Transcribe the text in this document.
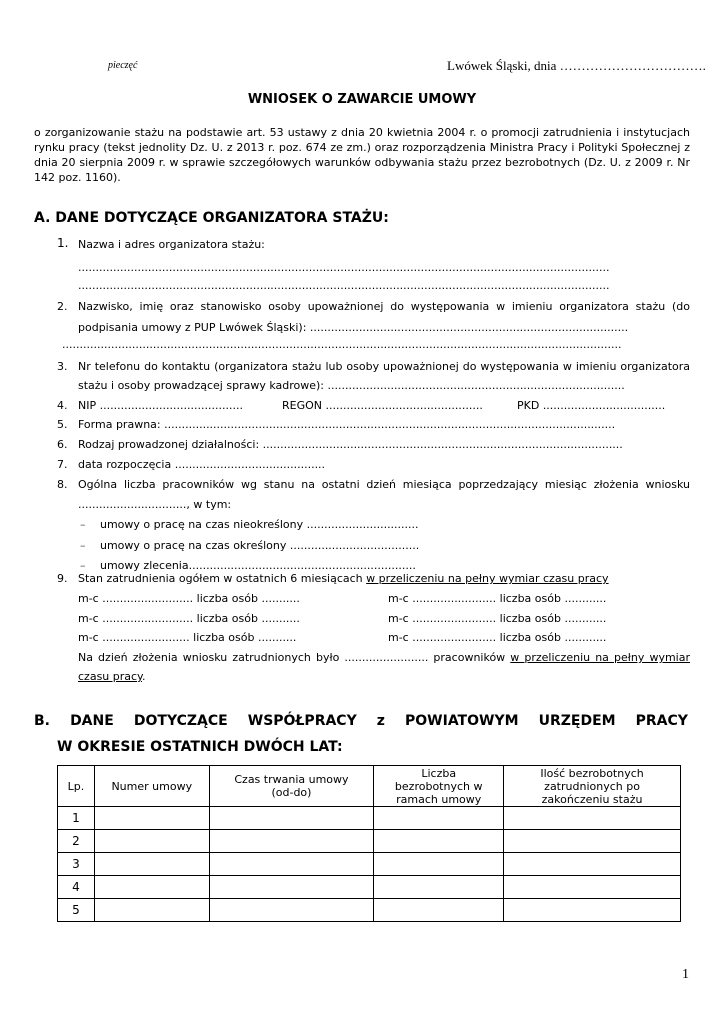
pieczęć	Lwówek Śląski, dnia …………………………….
WNIOSEK O ZAWARCIE UMOWY
o zorganizowanie stażu na podstawie art. 53 ustawy z dnia 20 kwietnia 2004 r. o promocji zatrudnienia i instytucjach rynku pracy (tekst jednolity Dz. U. z 2013 r. poz. 674 ze zm.) oraz rozporządzenia Ministra Pracy i Polityki Społecznej z dnia 20 sierpnia 2009 r. w sprawie szczegółowych warunków odbywania stażu przez bezrobotnych (Dz. U. z 2009 r. Nr 142 poz. 1160).
A. DANE DOTYCZĄCE ORGANIZATORA STAŻU:
1. Nazwa i adres organizatora stażu:
........................................................................................................................................................
........................................................................................................................................................
2. Nazwisko, imię oraz stanowisko osoby upoważnionej do występowania w imieniu organizatora stażu (do
podpisania umowy z PUP Lwówek Śląski): ...........................................................................................
................................................................................................................................................................
3. Nr telefonu do kontaktu (organizatora stażu lub osoby upoważnionej do występowania w imieniu organizatora
stażu i osoby prowadzącej sprawy kadrowe): .....................................................................................
4. NIP .........................................	REGON .............................................	PKD ...................................
5. Forma prawna: .................................................................................................................................
6. Rodzaj prowadzonej działalności: .......................................................................................................
7. data rozpoczęcia ...........................................
8. Ogólna liczba pracowników wg stanu na ostatni dzień miesiąca poprzedzający miesiąc złożenia wniosku
..............................., w tym:
– umowy o pracę na czas nieokreślony ................................
– umowy o pracę na czas określony .....................................
– umowy zlecenia.................................................................
9. Stan zatrudnienia ogółem w ostatnich 6 miesiącach w przeliczeniu na pełny wymiar czasu pracy
m-c .......................... liczba osób ...........
m-c .......................... liczba osób ...........
m-c ......................... liczba osób ...........
m-c ........................ liczba osób ............
m-c ........................ liczba osób ............
m-c ........................ liczba osób ............
Na dzień złożenia wniosku zatrudnionych było ........................ pracowników w przeliczeniu na pełny wymiar
czasu pracy.
B. DANE DOTYCZĄCE WSPÓŁPRACY z POWIATOWYM URZĘDEM PRACY
W OKRESIE OSTATNICH DWÓCH LAT:
Lp.	Numer umowy	Czas trwania umowy (od-do)	Liczba bezrobotnych w ramach umowy	Ilość bezrobotnych zatrudnionych po zakończeniu stażu
1				
2				
3				
4				
5				
1
